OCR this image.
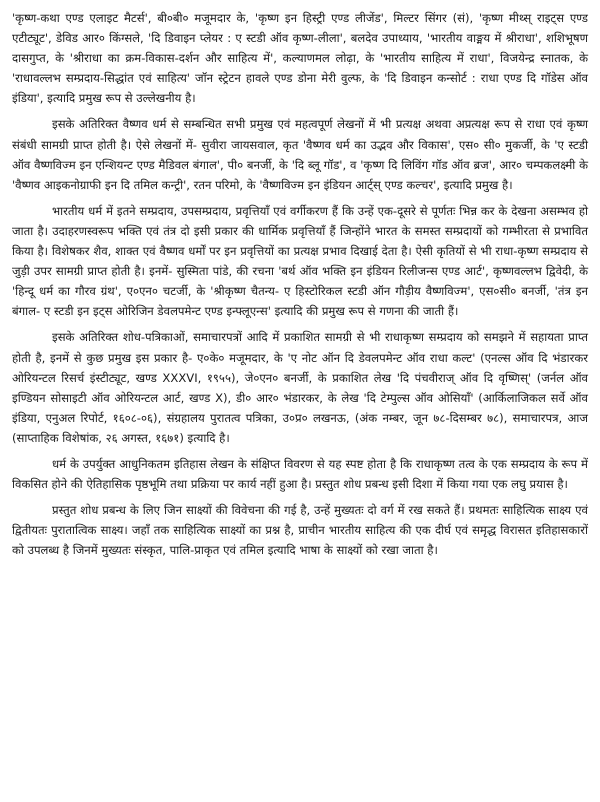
'कृष्ण-कथा एण्ड एलाइट मैटर्स', बी०बी० मजूमदार के, 'कृष्ण इन हिस्ट्री एण्ड लीजेंड', मिल्टर सिंगर (सं), 'कृष्ण मीथ्स् राइट्स एण्ड एटीट्यूट', डेविड आर० किंग्सले, 'दि डिवाइन प्लेयर : ए स्टडी ऑव कृष्ण-लीला', बलदेव उपाध्याय, 'भारतीय वाङ्मय में श्रीराधा', शशिभूषण दासगुप्त, के 'श्रीराधा का क्रम-विकास-दर्शन और साहित्य में', कल्याणमल लोढ़ा, के 'भारतीय साहित्य में राधा', विजयेन्द्र स्नातक, के 'राधावल्लभ सम्प्रदाय-सिद्धांत एवं साहित्य' जॉन स्ट्रेटन हावले एण्ड डोना मेरी वुल्फ, के 'दि डिवाइन कन्सोर्ट : राधा एण्ड दि गॉडेस ऑव इंडिया', इत्यादि प्रमुख रूप से उल्लेखनीय है।

इसके अतिरिक्त वैष्णव धर्म से सम्बन्धित सभी प्रमुख एवं महत्वपूर्ण लेखनों में भी प्रत्यक्ष अथवा अप्रत्यक्ष रूप से राधा एवं कृष्ण संबंधी सामग्री प्राप्त होती है। ऐसे लेखनों में- सुवीरा जायसवाल, कृत 'वैष्णव धर्म का उद्भव और विकास', एस० सी० मुकर्जी, के 'ए स्टडी ऑव वैष्णविज्म इन एन्शियन्ट एण्ड मैडिवल बंगाल', पी० बनर्जी, के 'दि ब्लू गॉड', व 'कृष्ण दि लिविंग गॉड ऑव ब्रज', आर० चम्पकलक्ष्मी के 'वैष्णव आइकनोग्राफी इन दि तमिल कन्ट्री', रतन परिमो, के 'वैष्णविज्म इन इंडियन आर्ट्स् एण्ड कल्चर', इत्यादि प्रमुख है।

भारतीय धर्म में इतने सम्प्रदाय, उपसम्प्रदाय, प्रवृत्तियाँ एवं वर्गीकरण हैं कि उन्हें एक-दूसरे से पूर्णतः भिन्न कर के देखना असम्भव हो जाता है। उदाहरणस्वरूप भक्ति एवं तंत्र दो इसी प्रकार की धार्मिक प्रवृत्तियाँ हैं जिन्होंने भारत के समस्त सम्प्रदायों को गम्भीरता से प्रभावित किया है। विशेषकर शैव, शाक्त एवं वैष्णव धर्मों पर इन प्रवृत्तियों का प्रत्यक्ष प्रभाव दिखाई देता है। ऐसी कृतियों से भी राधा-कृष्ण सम्प्रदाय से जुड़ी उपर सामग्री प्राप्त होती है। इनमें- सुस्मिता पांडे, की रचना 'बर्थ ऑव भक्ति इन इंडियन रिलीजन्स एण्ड आर्ट', कृष्णवल्लभ द्विवेदी, के 'हिन्दू धर्म का गौरव ग्रंथ', ए०एन० चटर्जी, के 'श्रीकृष्ण चैतन्य- ए हिस्टोरिकल स्टडी ऑन गौड़ीय वैष्णविज्म', एस०सी० बनर्जी, 'तंत्र इन बंगाल- ए स्टडी इन इट्स ओरिजिन डेवलपमेन्ट एण्ड इन्फ्लूएन्स' इत्यादि की प्रमुख रूप से गणना की जाती हैं।

इसके अतिरिक्त शोध-पत्रिकाओं, समाचारपत्रों आदि में प्रकाशित सामग्री से भी राधाकृष्ण सम्प्रदाय को समझने में सहायता प्राप्त होती है, इनमें से कुछ प्रमुख इस प्रकार है- ए०के० मजूमदार, के 'ए नोट ऑन दि डेवलपमेन्ट ऑव राधा कल्ट' (एनल्स ऑव दि भंडारकर ओरियन्टल रिसर्च इंस्टीट्यूट, खण्ड XXXVI, १९५५), जे०एन० बनर्जी, के प्रकाशित लेख 'दि पंचवीराज् ऑव दि वृष्णिस्' (जर्नल ऑव इण्डियन सोसाइटी ऑव ओरियन्टल आर्ट, खण्ड X), डी० आर० भंडारकर, के लेख 'दि टेम्पुल्स ऑव ओसियाँ' (आर्किलाजिकल सर्वे ऑव इंडिया, एनुअल रिपोर्ट, १६०८-०६), संग्रहालय पुरातत्व पत्रिका, उ०प्र० लखनऊ, (अंक नम्बर, जून ७८-दिसम्बर ७८), समाचारपत्र, आज (साप्ताहिक विशेषांक, २६ अगस्त, १६७१) इत्यादि है।

धर्म के उपर्युक्त आधुनिकतम इतिहास लेखन के संक्षिप्त विवरण से यह स्पष्ट होता है कि राधाकृष्ण तत्व के एक सम्प्रदाय के रूप में विकसित होने की ऐतिहासिक पृष्ठभूमि तथा प्रक्रिया पर कार्य नहीं हुआ है। प्रस्तुत शोध प्रबन्ध इसी दिशा में किया गया एक लघु प्रयास है।

प्रस्तुत शोध प्रबन्ध के लिए जिन साक्ष्यों की विवेचना की गई है, उन्हें मुख्यतः दो वर्ग में रख सकते हैं। प्रथमतः साहित्यिक साक्ष्य एवं द्वितीयतः पुरातात्विक साक्ष्य। जहाँ तक साहित्यिक साक्ष्यों का प्रश्न है, प्राचीन भारतीय साहित्य की एक दीर्घ एवं समृद्ध विरासत इतिहासकारों को उपलब्ध है जिनमें मुख्यतः संस्कृत, पालि-प्राकृत एवं तमिल इत्यादि भाषा के साक्ष्यों को रखा जाता है।
